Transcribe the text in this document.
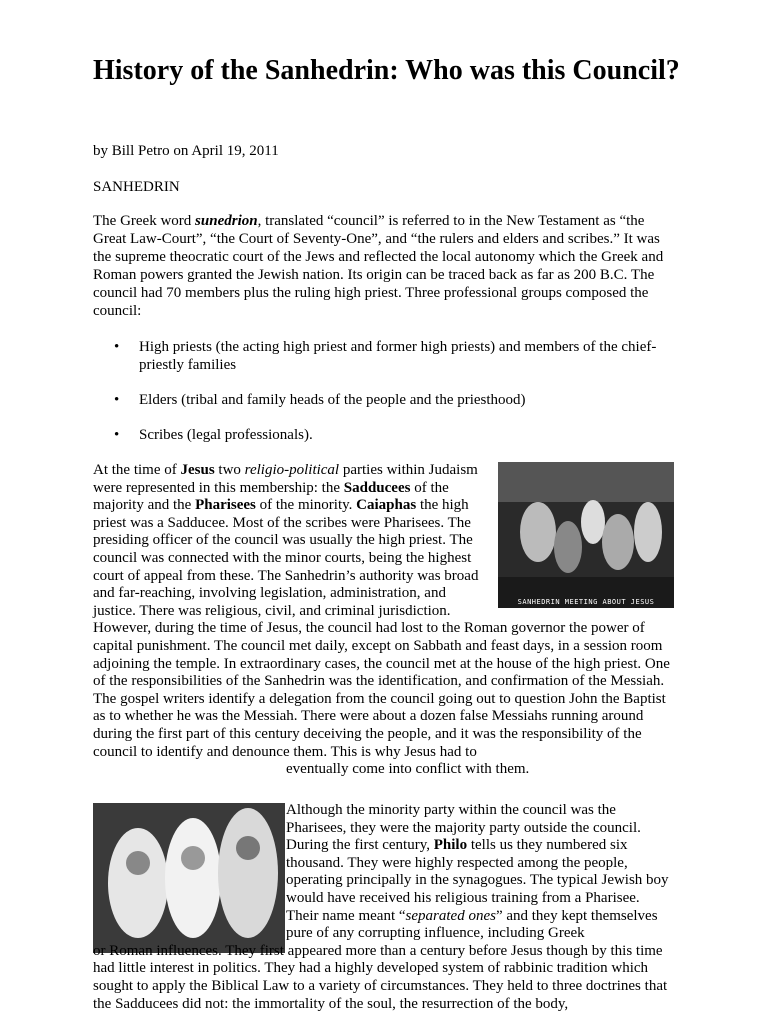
History of the Sanhedrin: Who was this Council?
by Bill Petro on April 19, 2011
SANHEDRIN
The Greek word sunedrion, translated “council” is referred to in the New Testament as “the Great Law-Court”, “the Court of Seventy-One”, and “the rulers and elders and scribes.” It was the supreme theocratic court of the Jews and reflected the local autonomy which the Greek and Roman powers granted the Jewish nation. Its origin can be traced back as far as 200 B.C. The council had 70 members plus the ruling high priest. Three professional groups composed the council:
• High priests (the acting high priest and former high priests) and members of the chief-priestly families
• Elders (tribal and family heads of the people and the priesthood)
• Scribes (legal professionals).
SANHEDRIN MEETING ABOUT JESUS
At the time of Jesus two religio-political parties within Judaism were represented in this membership: the Sadducees of the majority and the Pharisees of the minority. Caiaphas the high priest was a Sadducee. Most of the scribes were Pharisees. The presiding officer of the council was usually the high priest. The council was connected with the minor courts, being the highest court of appeal from these. The Sanhedrin’s authority was broad and far-reaching, involving legislation, administration, and justice. There was religious, civil, and criminal jurisdiction.
However, during the time of Jesus, the council had lost to the Roman governor the power of capital punishment. The council met daily, except on Sabbath and feast days, in a session room adjoining the temple. In extraordinary cases, the council met at the house of the high priest. One of the responsibilities of the Sanhedrin was the identification, and confirmation of the Messiah. The gospel writers identify a delegation from the council going out to question John the Baptist as to whether he was the Messiah. There were about a dozen false Messiahs running around during the first part of this century deceiving the people, and it was the responsibility of the council to identify and denounce them. This is why Jesus had to
eventually come into conflict with them.
Although the minority party within the council was the Pharisees, they were the majority party outside the council. During the first century, Philo tells us they numbered six thousand. They were highly respected among the people, operating principally in the synagogues. The typical Jewish boy would have received his religious training from a Pharisee. Their name meant “separated ones” and they kept themselves pure of any corrupting influence, including Greek
or Roman influences. They first appeared more than a century before Jesus though by this time had little interest in politics. They had a highly developed system of rabbinic tradition which sought to apply the Biblical Law to a variety of circumstances. They held to three doctrines that the Sadducees did not: the immortality of the soul, the resurrection of the body,
